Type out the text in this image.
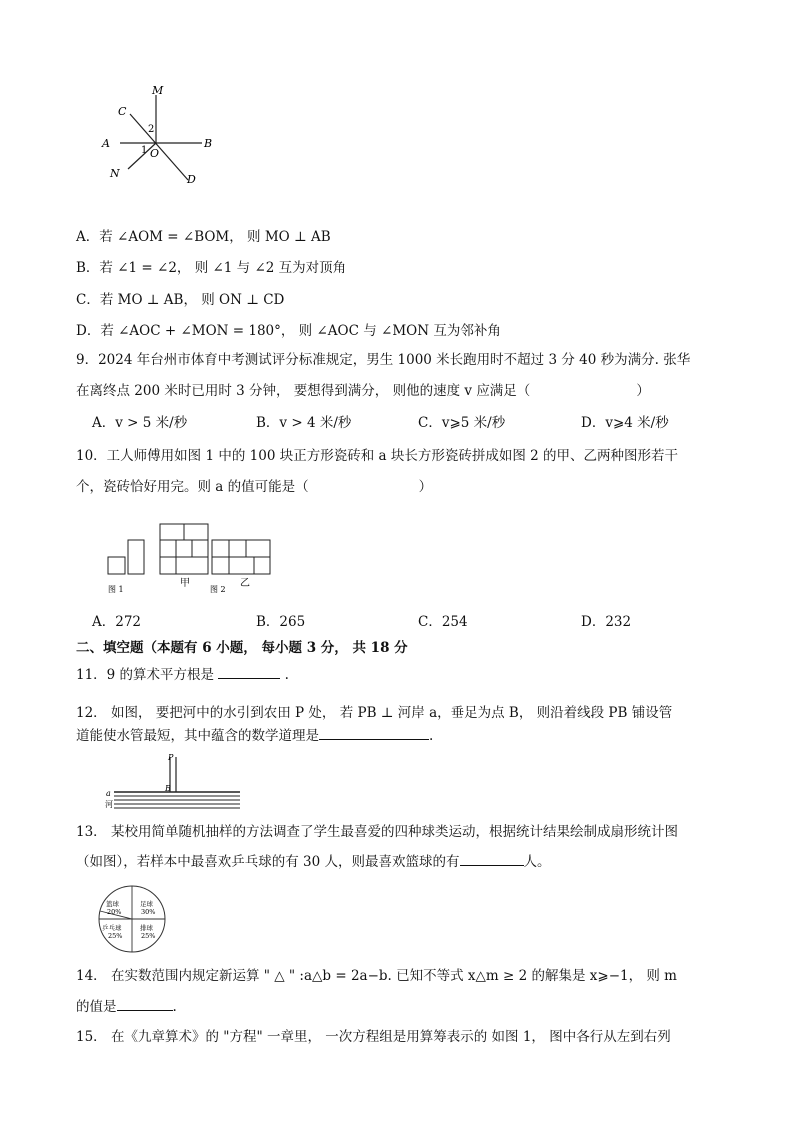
M
C
A	B
N	D
O
1
2
A．若 ∠AOM = ∠BOM， 则 MO ⊥ AB
B．若 ∠1 = ∠2， 则 ∠1 与 ∠2 互为对顶角
C．若 MO ⊥ AB， 则 ON ⊥ CD
D．若 ∠AOC + ∠MON = 180°， 则 ∠AOC 与 ∠MON 互为邻补角
9．2024 年台州市体育中考测试评分标准规定，男生 1000 米长跑用时不超过 3 分 40 秒为满分. 张华
在离终点 200 米时已用时 3 分钟， 要想得到满分， 则他的速度 v 应满足（	）
A．v > 5 米/秒	B．v > 4 米/秒	C．v⩾5 米/秒	D．v⩾4 米/秒
10．工人师傅用如图 1 中的 100 块正方形瓷砖和 a 块长方形瓷砖拼成如图 2 的甲、乙两种图形若干
个，瓷砖恰好用完。则 a 的值可能是（	）
图 1
甲
图 2
乙
A．272	B．265	C．254	D．232
二、填空题（本题有 6 小题， 每小题 3 分， 共 18 分
11．9 的算术平方根是	.
12． 如图， 要把河中的水引到农田 P 处， 若 PB ⊥ 河岸 a，垂足为点 B， 则沿着线段 PB 铺设管
道能使水管最短，其中蕴含的数学道理是	.
P
B
a
河
13． 某校用简单随机抽样的方法调查了学生最喜爱的四种球类运动，根据统计结果绘制成扇形统计图
（如图），若样本中最喜欢乒乓球的有 30 人，则最喜欢篮球的有	人。
篮球
20%
足球
30%
乒乓球
25%
排球
25%
14． 在实数范围内规定新运算 " △ " :a△b = 2a−b. 已知不等式 x△m ≥ 2 的解集是 x⩾−1， 则 m
的值是	.
15． 在《九章算术》的 "方程" 一章里， 一次方程组是用算筹表示的 如图 1， 图中各行从左到右列
